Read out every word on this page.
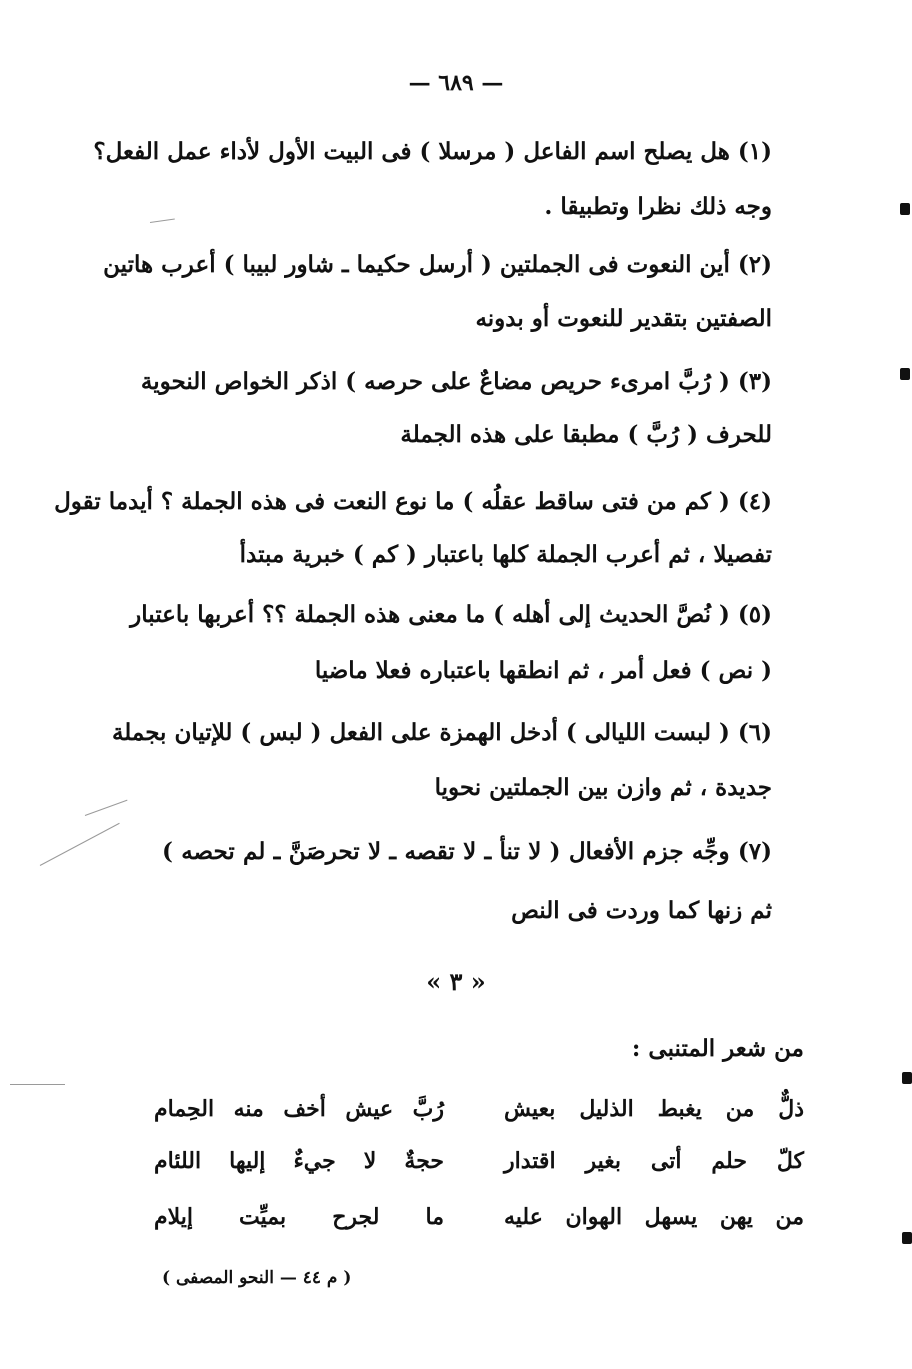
— ٦٨٩ —
(١) هل يصلح اسم الفاعل ( مرسلا ) فى البيت الأول لأداء عمل الفعل؟
وجه ذلك نظرا وتطبيقا .
(٢) أين النعوت فى الجملتين ( أرسل حكيما ـ شاور لبيبا ) أعرب هاتين
الصفتين بتقدير للنعوت أو بدونه
(٣) ( رُبَّ امرىء حريص مضاعٌ على حرصه ) اذكر الخواص النحوية
للحرف ( رُبَّ ) مطبقا على هذه الجملة
(٤) ( كم من فتى ساقط عقلُه ) ما نوع النعت فى هذه الجملة ؟ أيدما تقول
تفصيلا ، ثم أعرب الجملة كلها باعتبار ( كم ) خبرية مبتدأ
(٥) ( نُصَّ الحديث إلى أهله ) ما معنى هذه الجملة ؟؟ أعربها باعتبار
( نص ) فعل أمر ، ثم انطقها باعتباره فعلا ماضيا
(٦) ( لبست الليالى ) أدخل الهمزة على الفعل ( لبس ) للإتيان بجملة
جديدة ، ثم وازن بين الجملتين نحويا
(٧) وجِّه جزم الأفعال ( لا تنأ ـ لا تقصه ـ لا تحرصَنَّ ـ لم تحصه )
ثم زنها كما وردت فى النص
« ٣ »
من شعر المتنبى :
ذلٌّ من يغبط الذليل بعيش
رُبَّ عيش أخف منه الحِمام
كلّ حلم أتى بغير اقتدار
حجةٌ لا جيءٌ إليها اللئام
من يهن يسهل الهوان عليه
ما لجرح بميِّت إيلام
( م ٤٤ — النحو المصفى )
